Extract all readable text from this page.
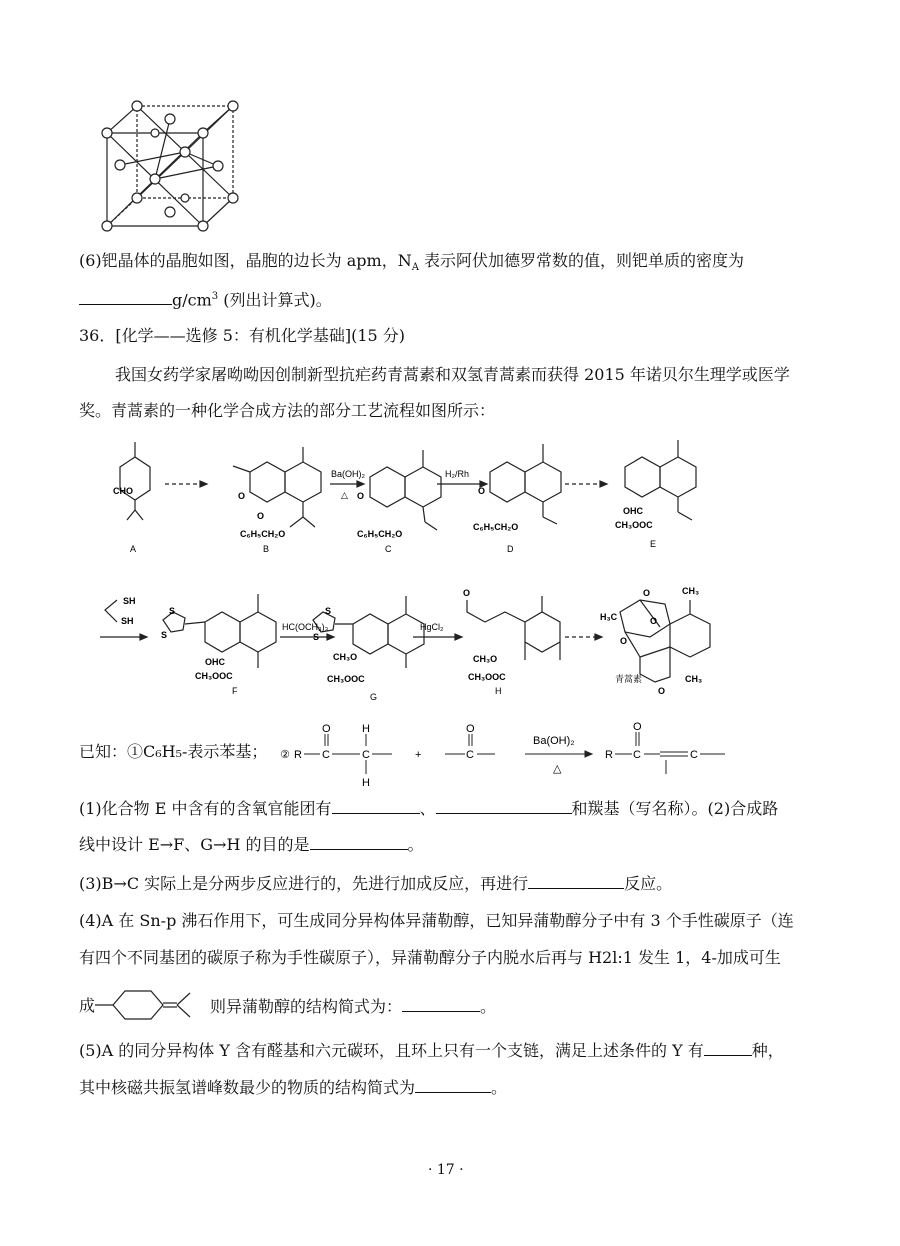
(6)钯晶体的晶胞如图，晶胞的边长为 apm，$N_A$ 表示阿伏加德罗常数的值，则钯单质的密度为
$g/cm^3$ (列出计算式)。
36．[化学——选修 5：有机化学基础](15 分)
我国女药学家屠呦呦因创制新型抗疟药青蒿素和双氢青蒿素而获得 2015 年诺贝尔生理学或医学
奖。青蒿素的一种化学合成方法的部分工艺流程如图所示：
CHO
A
O
O
C₆H₅CH₂O
B
Ba(OH)₂
△ O
C₆H₅CH₂O
C
H₂/Rh
O
C₆H₅CH₂O
D
OHC
CH₃OOC
E
SH
SH
S
S
OHC
CH₃OOC
F
HC(OCH₃)₃
S
S
CH₃O
CH₃OOC
G
HgCl₂
O
CH₃O
CH₃OOC
H
CH₃
H₃C
CH₃
O
O
O
O
青蒿素
已知：①C₆H₅-表示苯基； ② R C
O
C
H
H
+	C
O
Ba(OH)₂
△
R C
O
C
(1)化合物 E 中含有的含氧官能团有	、	和羰基（写名称）。(2)合成路
线中设计 E→F、G→H 的目的是	。
(3)B→C 实际上是分两步反应进行的，先进行加成反应，再进行	反应。
(4)A 在 Sn-p 沸石作用下，可生成同分异构体异蒲勒醇，已知异蒲勒醇分子中有 3 个手性碳原子（连
有四个不同基团的碳原子称为手性碳原子），异蒲勒醇分子内脱水后再与 H2l:1 发生 1，4-加成可生
成	则异蒲勒醇的结构简式为：	。
(5)A 的同分异构体 Y 含有醛基和六元碳环，且环上只有一个支链，满足上述条件的 Y 有	种，
其中核磁共振氢谱峰数最少的物质的结构简式为	。
· 17 ·
